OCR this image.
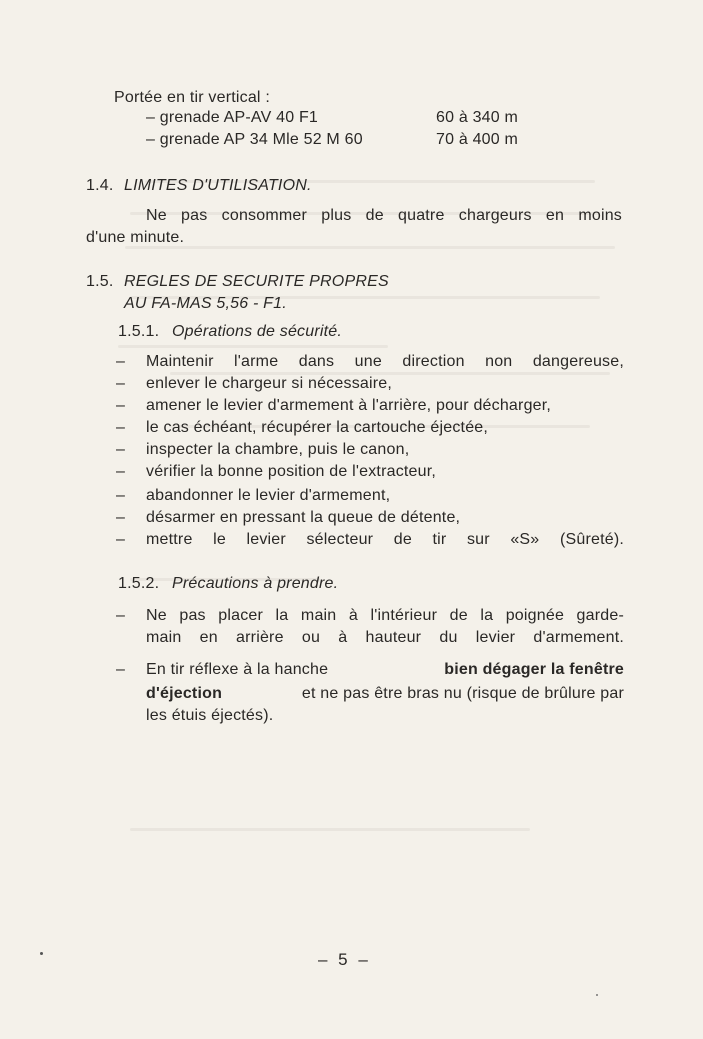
Portée en tir vertical :
– grenade AP-AV 40 F1	60 à 340 m
– grenade AP 34 Mle 52 M 60	70 à 400 m
1.4. LIMITES D'UTILISATION.
Ne pas consommer plus de quatre chargeurs en moins
d'une minute.
1.5. REGLES DE SECURITE PROPRES
AU FA-MAS 5,56 - F1.
1.5.1. Opérations de sécurité.
– Maintenir l'arme dans une direction non dangereuse,
– enlever le chargeur si nécessaire,
– amener le levier d'armement à l'arrière, pour décharger,
– le cas échéant, récupérer la cartouche éjectée,
– inspecter la chambre, puis le canon,
– vérifier la bonne position de l'extracteur,
– abandonner le levier d'armement,
– désarmer en pressant la queue de détente,
– mettre le levier sélecteur de tir sur «S» (Sûreté).
1.5.2. Précautions à prendre.
– Ne pas placer la main à l'intérieur de la poignée garde-
main en arrière ou à hauteur du levier d'armement.
– En tir réflexe à la hanche	bien dégager la fenêtre
d'éjection	et ne pas être bras nu (risque de brûlure par
les étuis éjectés).
– 5 –
